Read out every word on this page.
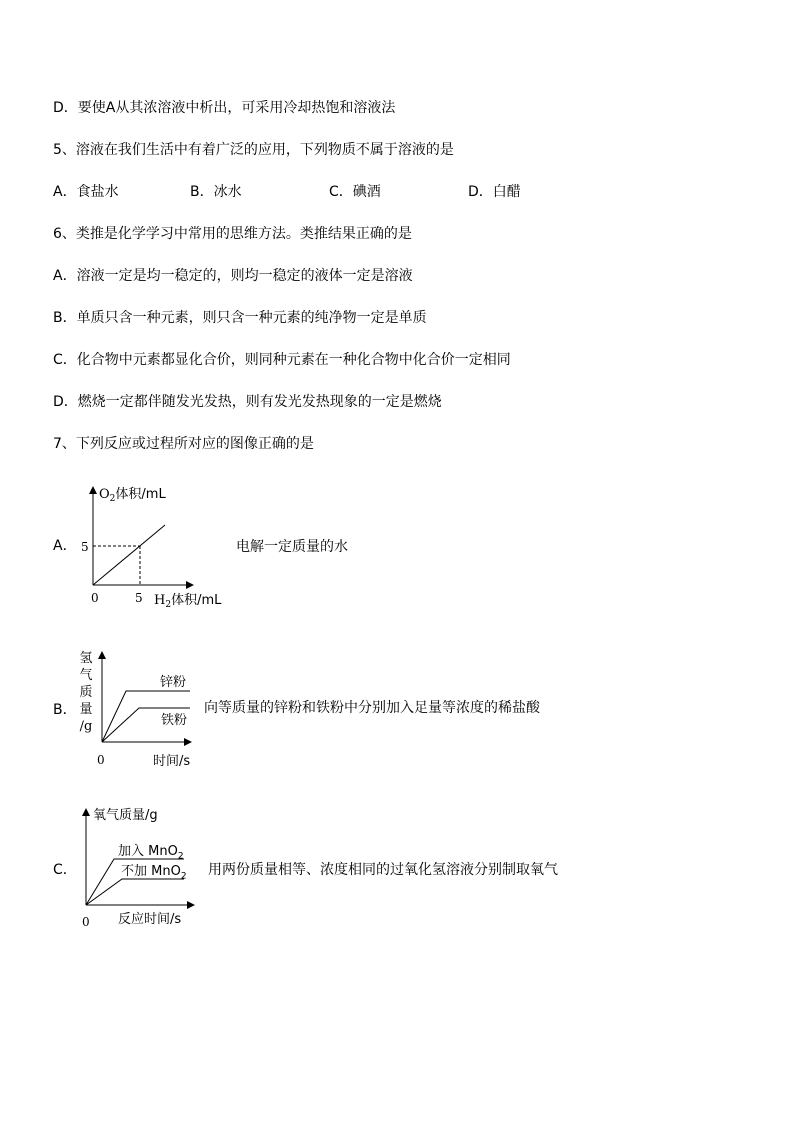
D．要使A从其浓溶液中析出，可采用冷却热饱和溶液法
5、溶液在我们生活中有着广泛的应用，下列物质不属于溶液的是
A．食盐水	B．冰水	C．碘酒	D．白醋
6、类推是化学学习中常用的思维方法。类推结果正确的是
A．溶液一定是均一稳定的，则均一稳定的液体一定是溶液
B．单质只含一种元素，则只含一种元素的纯净物一定是单质
C．化合物中元素都显化合价，则同种元素在一种化合物中化合价一定相同
D．燃烧一定都伴随发光发热，则有发光发热现象的一定是燃烧
7、下列反应或过程所对应的图像正确的是
A．
$O_2$体积/mL
5
0	5 $H_2$体积/mL
电解一定质量的水
B．
氢
气
质
量
/g
0
锌粉
铁粉
时间/s
向等质量的锌粉和铁粉中分别加入足量等浓度的稀盐酸
C．
0
氧气质量/g
加入 MnO$_2$
不加 MnO$_2$
反应时间/s
用两份质量相等、浓度相同的过氧化氢溶液分别制取氧气
